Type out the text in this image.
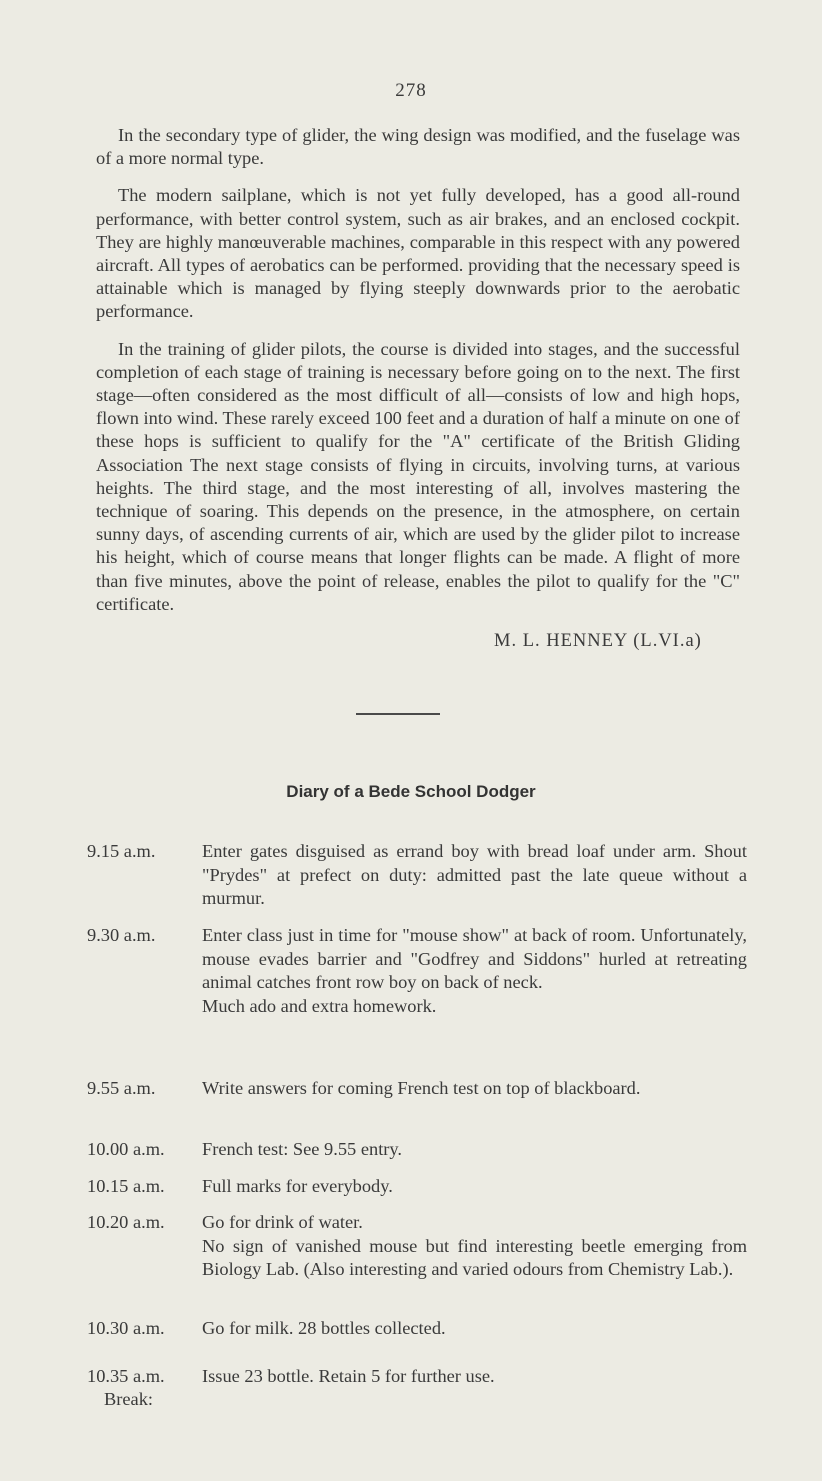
278

In the secondary type of glider, the wing design was modified, and the fuselage was of a more normal type.

The modern sailplane, which is not yet fully developed, has a good all-round performance, with better control system, such as air brakes, and an enclosed cockpit. They are highly manœuverable machines, comparable in this respect with any powered aircraft. All types of aerobatics can be performed. providing that the necessary speed is attainable which is managed by flying steeply downwards prior to the aerobatic performance.

In the training of glider pilots, the course is divided into stages, and the successful completion of each stage of training is necessary before going on to the next. The first stage—often considered as the most difficult of all—consists of low and high hops, flown into wind. These rarely exceed 100 feet and a duration of half a minute on one of these hops is sufficient to qualify for the "A" certificate of the British Gliding Association The next stage consists of flying in circuits, involving turns, at various heights. The third stage, and the most interesting of all, involves mastering the technique of soaring. This depends on the presence, in the atmosphere, on certain sunny days, of ascending currents of air, which are used by the glider pilot to increase his height, which of course means that longer flights can be made. A flight of more than five minutes, above the point of release, enables the pilot to qualify for the "C" certificate.

M. L. HENNEY (L.VI.a)
Diary of a Bede School Dodger
9.15 a.m.	Enter gates disguised as errand boy with bread loaf under arm. Shout "Prydes" at prefect on duty: admitted past the late queue without a murmur.
9.30 a.m.	Enter class just in time for "mouse show" at back of room. Unfortunately, mouse evades barrier and "Godfrey and Siddons" hurled at retreating animal catches front row boy on back of neck.
Much ado and extra homework.
9.55 a.m.	Write answers for coming French test on top of blackboard.
10.00 a.m. French test: See 9.55 entry.
10.15 a.m. Full marks for everybody.
10.20 a.m. Go for drink of water.
No sign of vanished mouse but find interesting beetle emerging from Biology Lab. (Also interesting and varied odours from Chemistry Lab.).
10.30 a.m. Go for milk. 28 bottles collected.
10.35 a.m. Issue 23 bottle. Retain 5 for further use.
Break:
